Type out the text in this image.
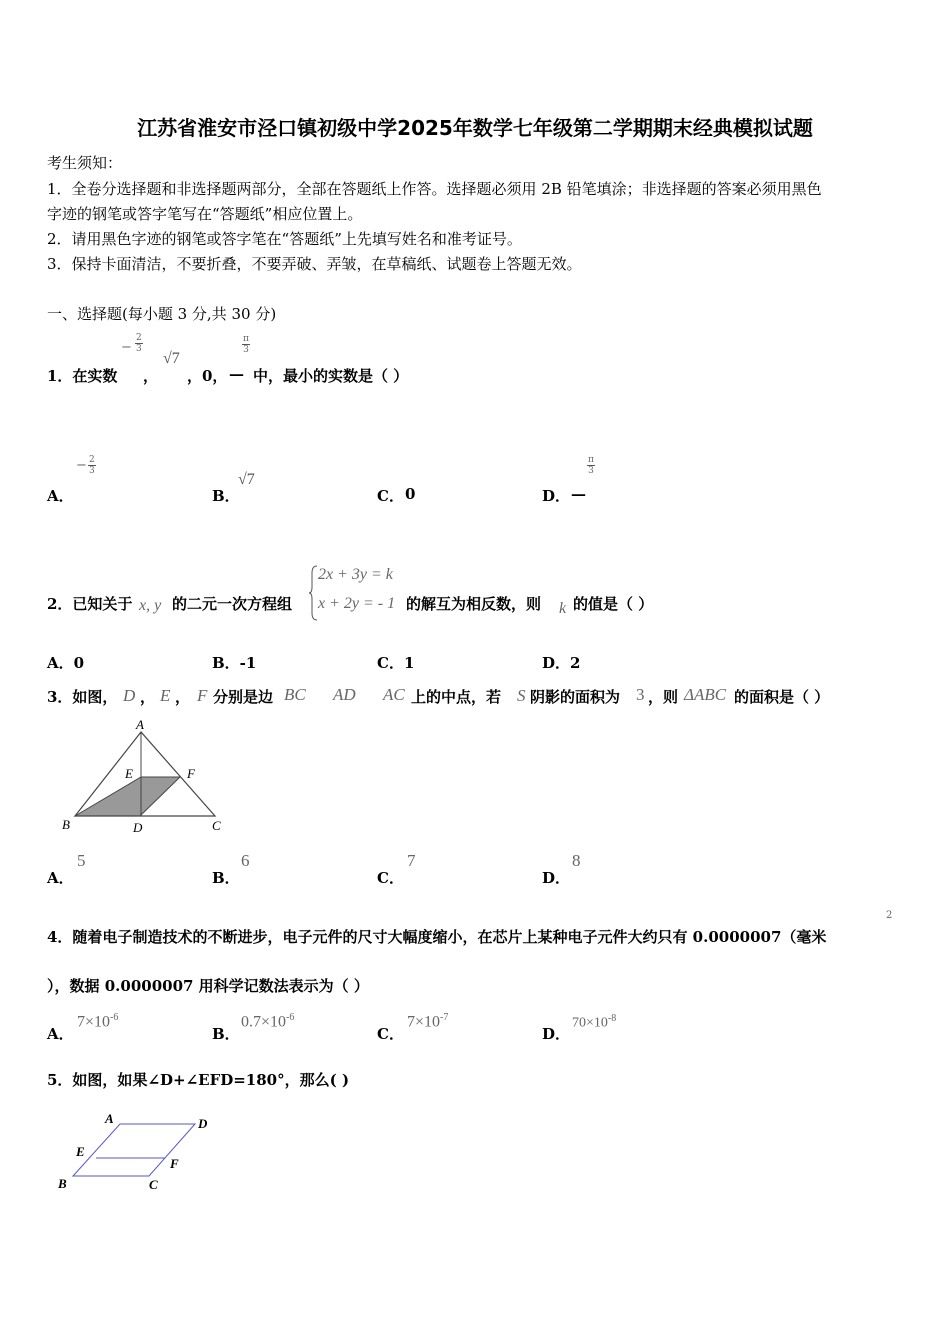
江苏省淮安市泾口镇初级中学2025年数学七年级第二学期期末经典模拟试题
考生须知：
1．全卷分选择题和非选择题两部分，全部在答题纸上作答。选择题必须用 2B 铅笔填涂；非选择题的答案必须用黑色
字迹的钢笔或答字笔写在“答题纸”相应位置上。
2．请用黑色字迹的钢笔或答字笔在“答题纸”上先填写姓名和准考证号。
3．保持卡面清洁，不要折叠，不要弄破、弄皱，在草稿纸、试题卷上答题无效。
一、选择题(每小题 3 分,共 30 分)
1．在实数
− $\frac{2}{3}$
，
√7
，0， —
$\frac{\pi}{3}$
中，最小的实数是（ ）
A．
− $\frac{2}{3}$
B．
√7
C． 0	D． —
$\frac{\pi}{3}$
2．已知关于 x, y 的二元一次方程组
2x + 3y = k
x + 2y = - 1 的解互为相反数，则 k 的值是（ ）
A．0	B．-1	C．1	D．2
3．如图， D ， E ， F 分别是边 BC AD AC 上的中点，若 S 阴影的面积为 3 ，则 ΔABC 的面积是（ ）
A
B	C
D
E	F
A．
5
B．
6
C．
7
D．
8
4．随着电子制造技术的不断进步，电子元件的尺寸大幅度缩小，在芯片上某种电子元件大约只有 0.0000007（毫米
2
），数据 0.0000007 用科学记数法表示为（ ）
A．
$7\times 10^{-6}$
B．
$0.7\times 10^{-6}$
C．
$7\times 10^{-7}$
D．
$70\times 10^{-8}$
5．如图，如果∠D+∠EFD=180°，那么( )
A	D
E
F
B	C
